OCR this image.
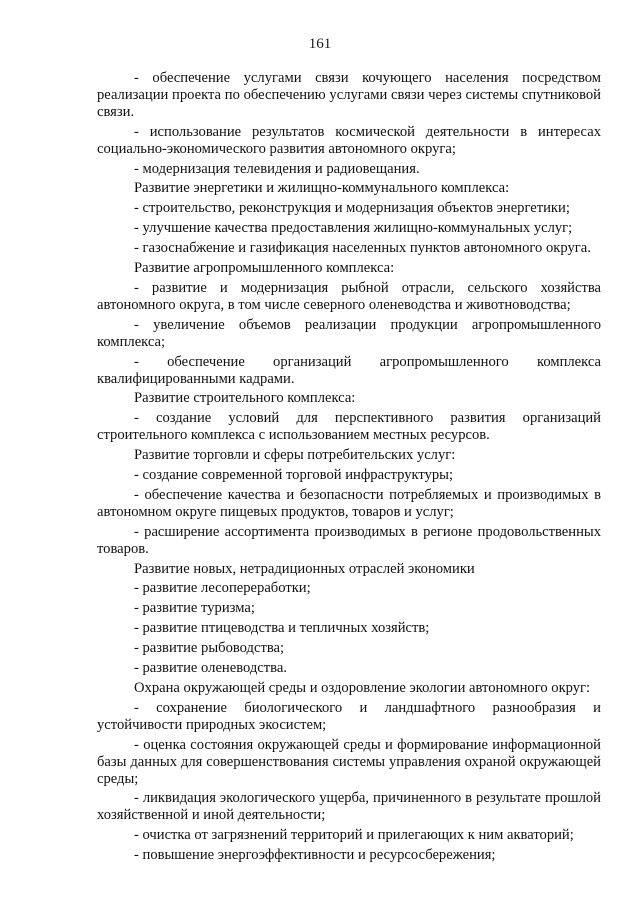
161

- обеспечение услугами связи кочующего населения посредством реализации проекта по обеспечению услугами связи через системы спутниковой связи.

- использование результатов космической деятельности в интересах социально-экономического развития автономного округа;

- модернизация телевидения и радиовещания.

Развитие энергетики и жилищно-коммунального комплекса:

- строительство, реконструкция и модернизация объектов энергетики;

- улучшение качества предоставления жилищно-коммунальных услуг;

- газоснабжение и газификация населенных пунктов автономного округа.

Развитие агропромышленного комплекса:

- развитие и модернизация рыбной отрасли, сельского хозяйства автономного округа, в том числе северного оленеводства и животноводства;

- увеличение объемов реализации продукции агропромышленного комплекса;

- обеспечение организаций агропромышленного комплекса квалифицированными кадрами.

Развитие строительного комплекса:

- создание условий для перспективного развития организаций строительного комплекса с использованием местных ресурсов.

Развитие торговли и сферы потребительских услуг:

- создание современной торговой инфраструктуры;

- обеспечение качества и безопасности потребляемых и производимых в автономном округе пищевых продуктов, товаров и услуг;

- расширение ассортимента производимых в регионе продовольственных товаров.

Развитие новых, нетрадиционных отраслей экономики

- развитие лесопереработки;

- развитие туризма;

- развитие птицеводства и тепличных хозяйств;

- развитие рыбоводства;

- развитие оленеводства.

Охрана окружающей среды и оздоровление экологии автономного округ:

- сохранение биологического и ландшафтного разнообразия и устойчивости природных экосистем;

- оценка состояния окружающей среды и формирование информационной базы данных для совершенствования системы управления охраной окружающей среды;

- ликвидация экологического ущерба, причиненного в результате прошлой хозяйственной и иной деятельности;

- очистка от загрязнений территорий и прилегающих к ним акваторий;

- повышение энергоэффективности и ресурсосбережения;
